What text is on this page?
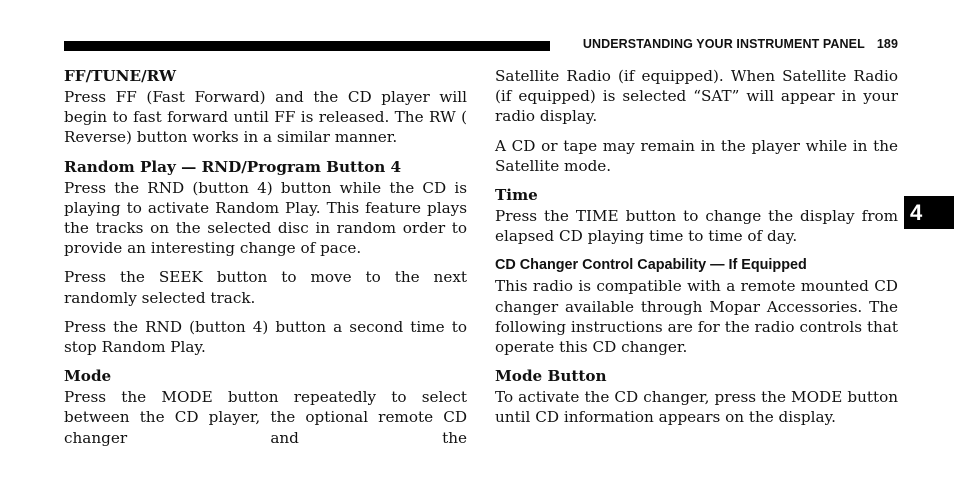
UNDERSTANDING YOUR INSTRUMENT PANEL 189
4
FF/TUNE/RW

Press FF (Fast Forward) and the CD player will begin to fast forward until FF is released. The RW ( Reverse) button works in a similar manner.

Random Play — RND/Program Button 4

Press the RND (button 4) button while the CD is playing to activate Random Play. This feature plays the tracks on the selected disc in random order to provide an interesting change of pace.

Press the SEEK button to move to the next randomly selected track.

Press the RND (button 4) button a second time to stop Random Play.

Mode

Press the MODE button repeatedly to select between the CD player, the optional remote CD changer and the

Satellite Radio (if equipped). When Satellite Radio (if equipped) is selected “SAT” will appear in your radio display.

A CD or tape may remain in the player while in the Satellite mode.

Time

Press the TIME button to change the display from elapsed CD playing time to time of day.

CD Changer Control Capability — If Equipped

This radio is compatible with a remote mounted CD changer available through Mopar Accessories. The following instructions are for the radio controls that operate this CD changer.

Mode Button

To activate the CD changer, press the MODE button until CD information appears on the display.
